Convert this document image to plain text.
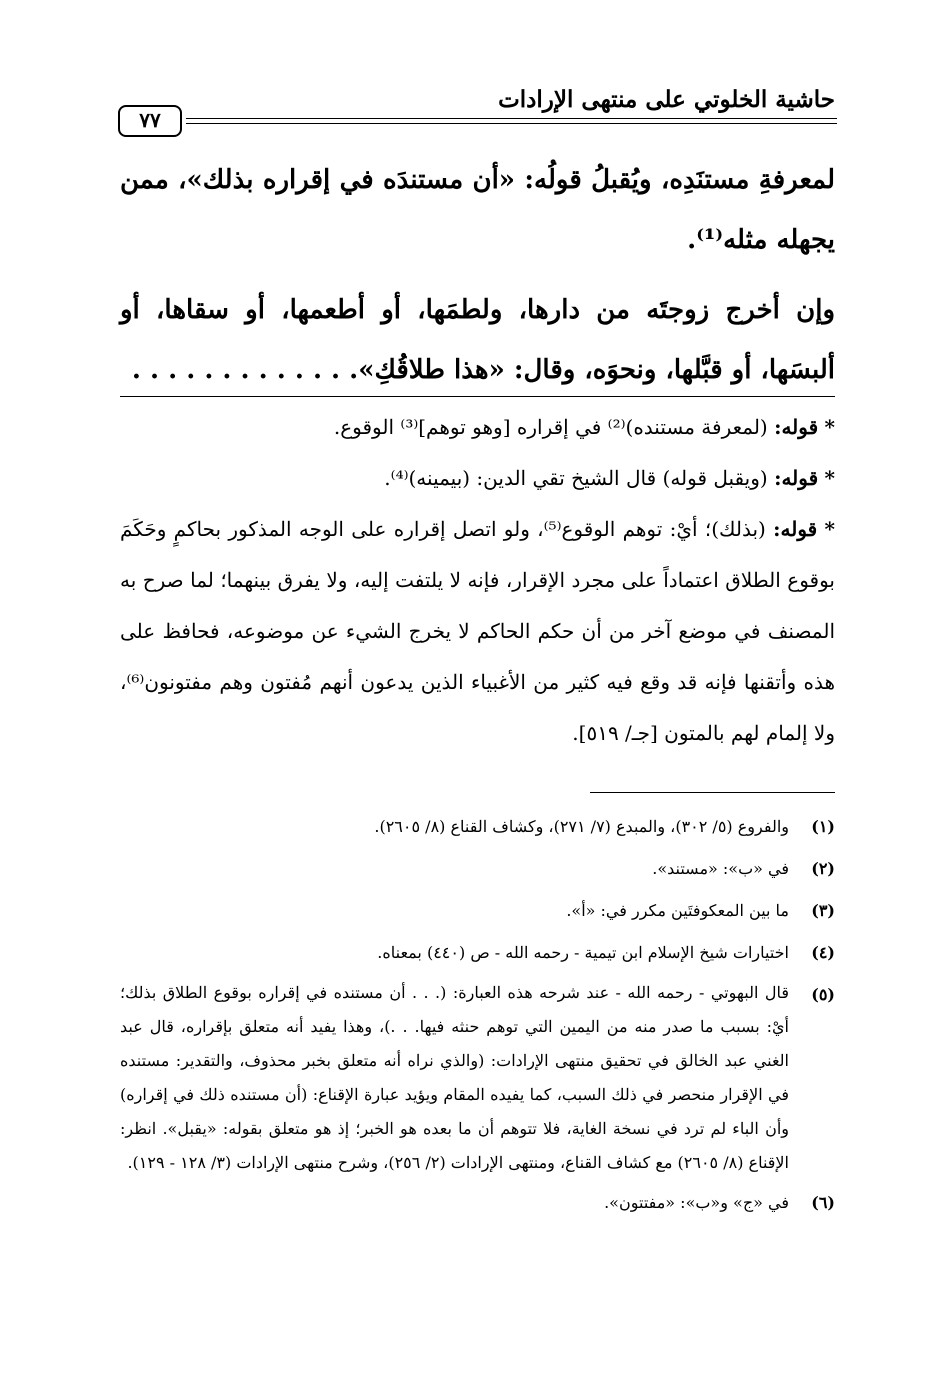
حاشية الخلوتي على منتهى الإرادات
٧٧

لمعرفةِ مستنَدِه، ويُقبلُ قولُه: «أن مستندَه في إقراره بذلك»، ممن يجهله مثله⁽¹⁾.

وإن أخرج زوجتَه من دارها، ولطمَها، أو أطعمها، أو سقاها، أو ألبسَها، أو قبَّلها، ونحوَه، وقال: «هذا طلاقُكِ». . . . . . . . . . . . .

* قوله: (لمعرفة مستنده)⁽²⁾ في إقراره [وهو توهم]⁽³⁾ الوقوع.

* قوله: (ويقبل قوله) قال الشيخ تقي الدين: (بيمينه)⁽⁴⁾.

* قوله: (بذلك)؛ أيْ: توهم الوقوع⁽⁵⁾، ولو اتصل إقراره على الوجه المذكور بحاكمٍ وحَكَمَ بوقوع الطلاق اعتماداً على مجرد الإقرار، فإنه لا يلتفت إليه، ولا يفرق بينهما؛ لما صرح به المصنف في موضع آخر من أن حكم الحاكم لا يخرج الشيء عن موضوعه، فحافظ على هذه وأتقنها فإنه قد وقع فيه كثير من الأغبياء الذين يدعون أنهم مُفتون وهم مفتونون⁽⁶⁾، ولا إلمام لهم بالمتون [جـ/ ٥١٩].

(١)
والفروع (٥/ ٣٠٢)، والمبدع (٧/ ٢٧١)، وكشاف القناع (٨/ ٢٦٠٥).
(٢)
في «ب»: «مستند».
(٣)
ما بين المعكوفتَين مكرر في: «أ».
(٤)
اختيارات شيخ الإسلام ابن تيمية - رحمه الله - ص (٤٤٠) بمعناه.
(٥)
قال البهوتي - رحمه الله - عند شرحه هذه العبارة: (. . . أن مستنده في إقراره بوقوع الطلاق بذلك؛ أيْ: بسبب ما صدر منه من اليمين التي توهم حنثه فيها. . .)، وهذا يفيد أنه متعلق بإقراره، قال عبد الغني عبد الخالق في تحقيق منتهى الإرادات: (والذي نراه أنه متعلق بخبر محذوف، والتقدير: مستنده في الإقرار منحصر في ذلك السبب، كما يفيده المقام ويؤيد عبارة الإقناع: (أن مستنده ذلك في إقراره) وأن الباء لم ترد في نسخة الغاية، فلا تتوهم أن ما بعده هو الخبر؛ إذ هو متعلق بقوله: «يقبل». انظر: الإقناع (٨/ ٢٦٠٥) مع كشاف القناع، ومنتهى الإرادات (٢/ ٢٥٦)، وشرح منتهى الإرادات (٣/ ١٢٨ - ١٢٩).
(٦)
في «ج» و«ب»: «مفتتون».
